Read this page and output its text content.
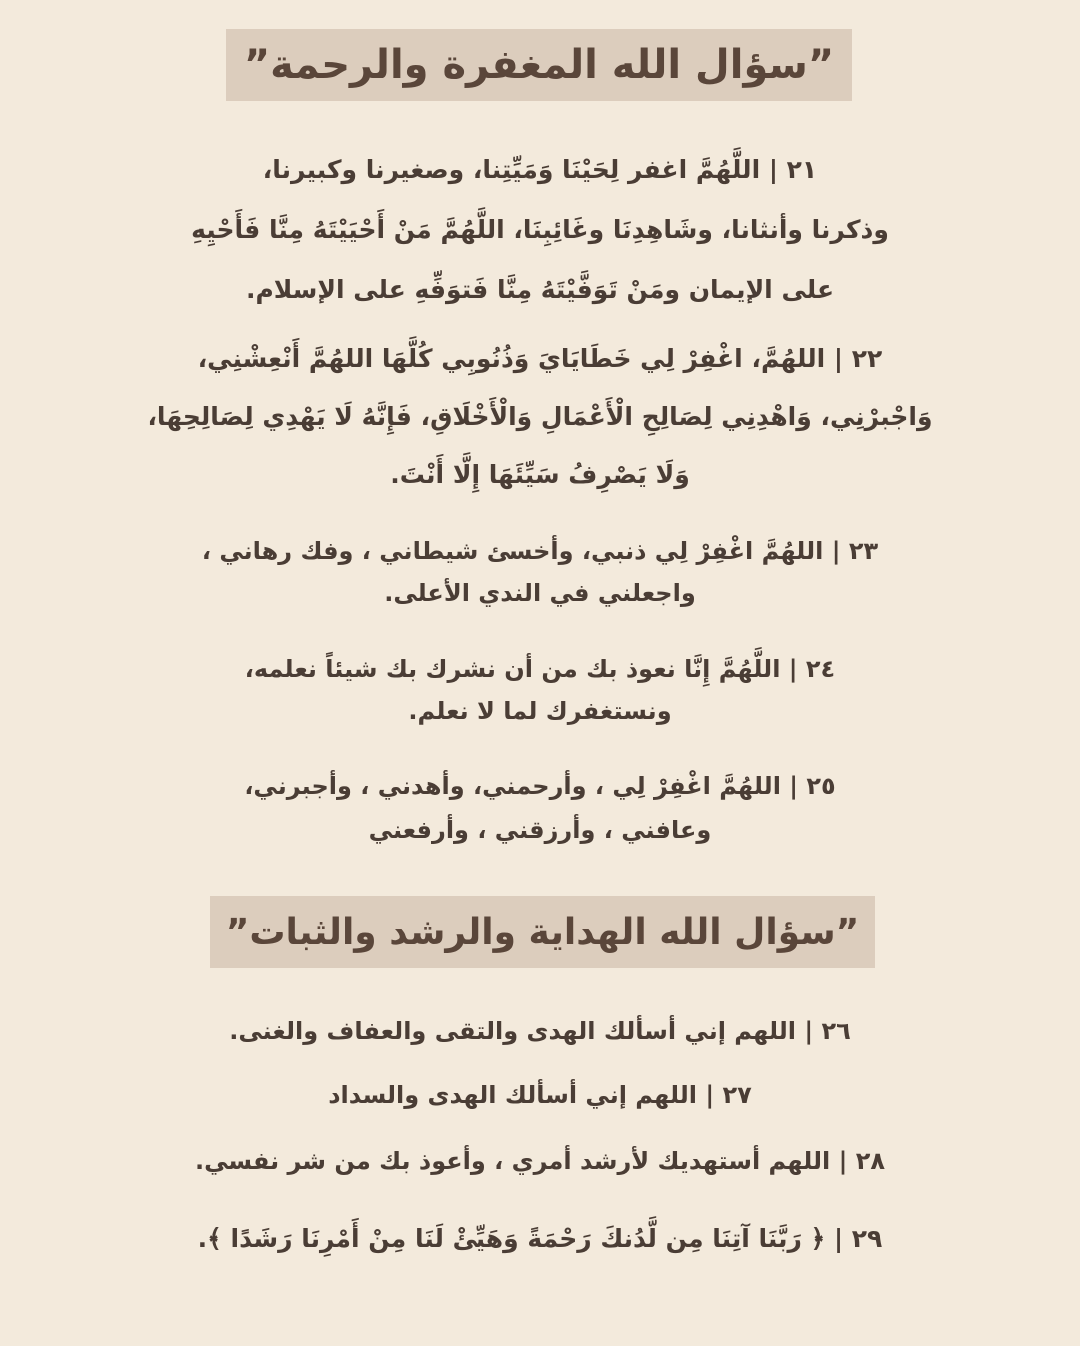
”سؤال الله المغفرة والرحمة”
٢١ | اللَّهُمَّ اغفر لِحَيْنَا وَمَيِّتِنا، وصغيرنا وكبيرنا،
وذكرنا وأنثانا، وشَاهِدِنَا وغَائِبِنَا، اللَّهُمَّ مَنْ أَحْيَيْتَهُ مِنَّا فَأَحْيِهِ
على الإيمان ومَنْ تَوَفَّيْتَهُ مِنَّا فَتوَفِّهِ على الإسلام.
٢٢ | اللهُمَّ، اغْفِرْ لِي خَطَايَايَ وَذُنُوبِي كُلَّهَا اللهُمَّ أَنْعِشْنِي،
وَاجْبرْنِي، وَاهْدِنِي لِصَالِحِ الْأَعْمَالِ وَالْأَخْلَاقِ، فَإِنَّهُ لَا يَهْدِي لِصَالِحِهَا،
وَلَا يَصْرِفُ سَيِّئَهَا إِلَّا أَنْتَ.
٢٣ | اللهُمَّ اغْفِرْ لِي ذنبي، وأخسئ شيطاني ، وفك رهاني ،
واجعلني في الندي الأعلى.
٢٤ | اللَّهُمَّ إِنَّا نعوذ بك من أن نشرك بك شيئاً نعلمه،
ونستغفرك لما لا نعلم.
٢٥ | اللهُمَّ اغْفِرْ لِي ، وأرحمني، وأهدني ، وأجبرني،
وعافني ، وأرزقني ، وأرفعني
”سؤال الله الهداية والرشد والثبات”
٢٦ | اللهم إني أسألك الهدى والتقى والعفاف والغنى.
٢٧ | اللهم إني أسألك الهدى والسداد
٢٨ | اللهم أستهديك لأرشد أمري ، وأعوذ بك من شر نفسي.
٢٩ | ﴿ رَبَّنَا آتِنَا مِن لَّدُنكَ رَحْمَةً وَهَيِّئْ لَنَا مِنْ أَمْرِنَا رَشَدًا ﴾.
